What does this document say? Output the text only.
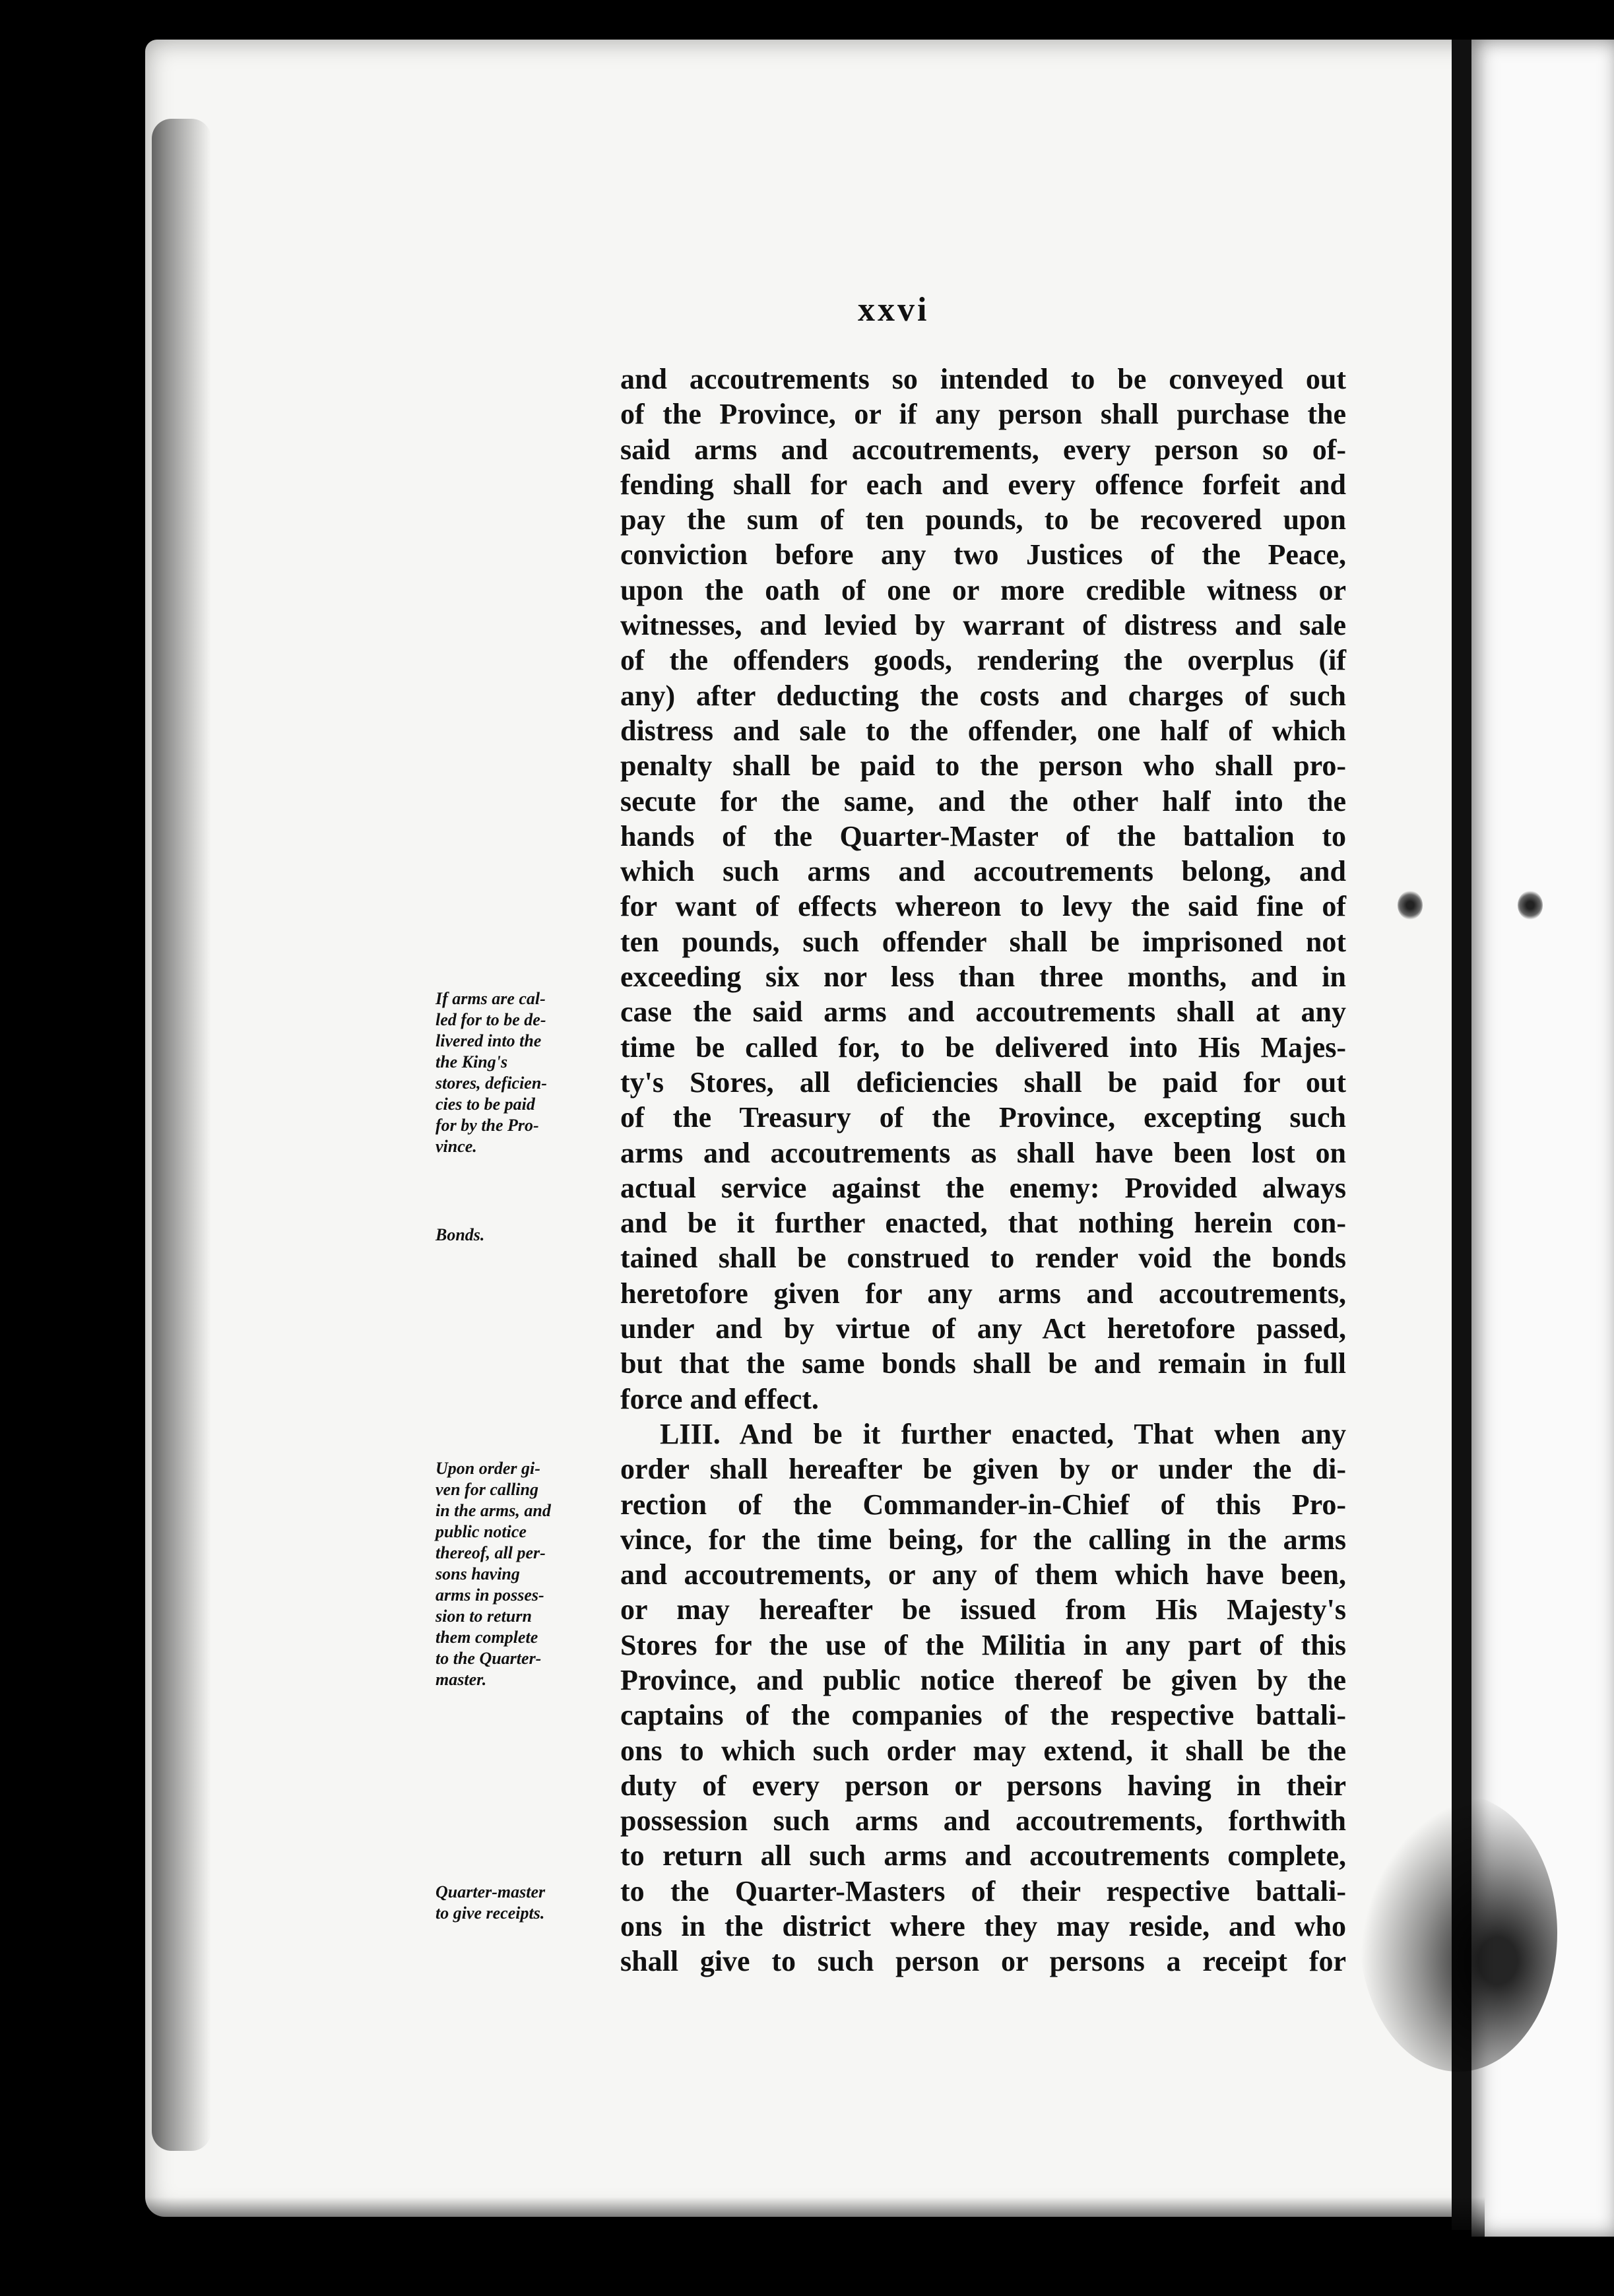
xxvi
and accoutrements so intended to be conveyed out
of the Province, or if any person shall purchase the
said arms and accoutrements, every person so of-
fending shall for each and every offence forfeit and
pay the sum of ten pounds, to be recovered upon
conviction before any two Justices of the Peace,
upon the oath of one or more credible witness or
witnesses, and levied by warrant of distress and sale
of the offenders goods, rendering the overplus (if
any) after deducting the costs and charges of such
distress and sale to the offender, one half of which
penalty shall be paid to the person who shall pro-
secute for the same, and the other half into the
hands of the Quarter-Master of the battalion to
which such arms and accoutrements belong, and
for want of effects whereon to levy the said fine of
ten pounds, such offender shall be imprisoned not
exceeding six nor less than three months, and in
case the said arms and accoutrements shall at any
time be called for, to be delivered into His Majes-
ty's Stores, all deficiencies shall be paid for out
of the Treasury of the Province, excepting such
arms and accoutrements as shall have been lost on
actual service against the enemy: Provided always
and be it further enacted, that nothing herein con-
tained shall be construed to render void the bonds
heretofore given for any arms and accoutrements,
under and by virtue of any Act heretofore passed,
but that the same bonds shall be and remain in full
force and effect.
LIII. And be it further enacted, That when any
order shall hereafter be given by or under the di-
rection of the Commander-in-Chief of this Pro-
vince, for the time being, for the calling in the arms
and accoutrements, or any of them which have been,
or may hereafter be issued from His Majesty's
Stores for the use of the Militia in any part of this
Province, and public notice thereof be given by the
captains of the companies of the respective battali-
ons to which such order may extend, it shall be the
duty of every person or persons having in their
possession such arms and accoutrements, forthwith
to return all such arms and accoutrements complete,
to the Quarter-Masters of their respective battali-
ons in the district where they may reside, and who
shall give to such person or persons a receipt for
If arms are cal-
led for to be de-
livered into the
the King's
stores, deficien-
cies to be paid
for by the Pro-
vince.
Bonds.
Upon order gi-
ven for calling
in the arms, and
public notice
thereof, all per-
sons having
arms in posses-
sion to return
them complete
to the Quarter-
master.
Quarter-master
to give receipts.
